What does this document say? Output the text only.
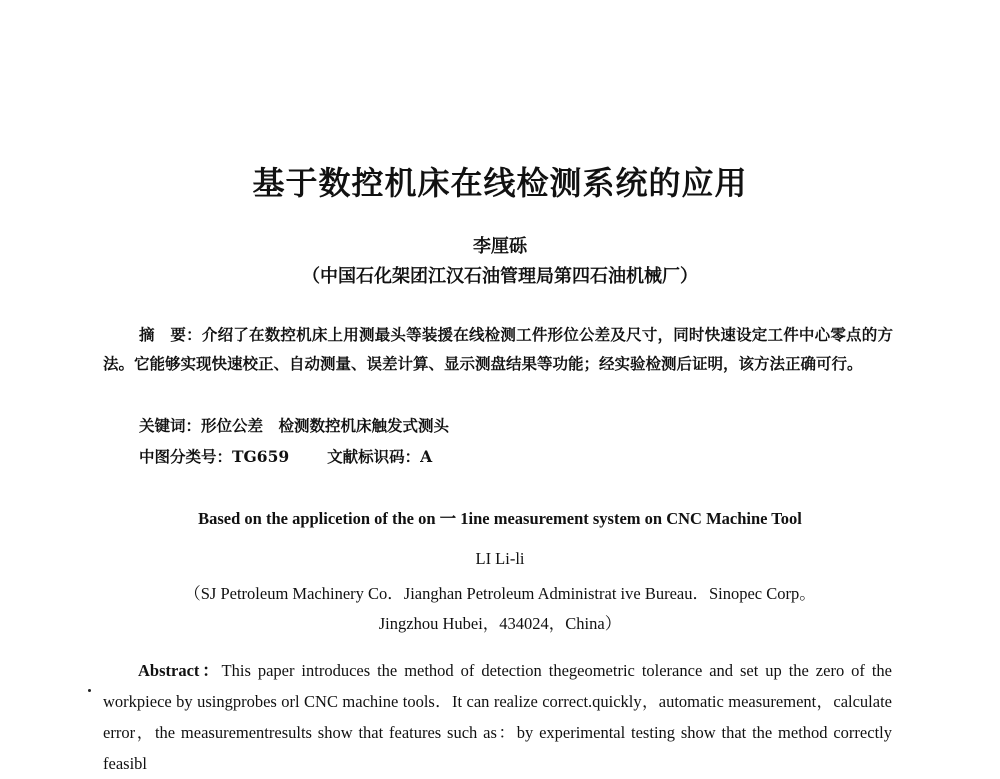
基于数控机床在线检测系统的应用
李厘砾
（中国石化架团江汉石油管理局第四石油机械厂）
摘　要：介绍了在数控机床上用测最头等装援在线检测工件形位公差及尺寸，同时快速设定工件中心零点的方法。它能够实现快速校正、自动测量、误差计算、显示测盘结果等功能；经实验检测后证明，该方法正确可行。
关键词：形位公差　检测数控机床触发式测头
中图分类号：TG659 文献标识码：A
Based on the applicetion of the on 一 1ine measurement system on CNC Machine Tool
LI Li-li
（SJ Petroleum Machinery Co．Jianghan Petroleum Administrat ive Bureau．Sinopec Corp。
Jingzhou Hubei，434024，China）
Abstract：This paper introduces the method of detection thegeometric tolerance and set up the zero of the workpiece by usingprobes orl CNC machine tools．It can realize correct.quickly，automatic measurement，calculate error，the measurementresults show that features such as：by experimental testing show that the method correctly feasibl
